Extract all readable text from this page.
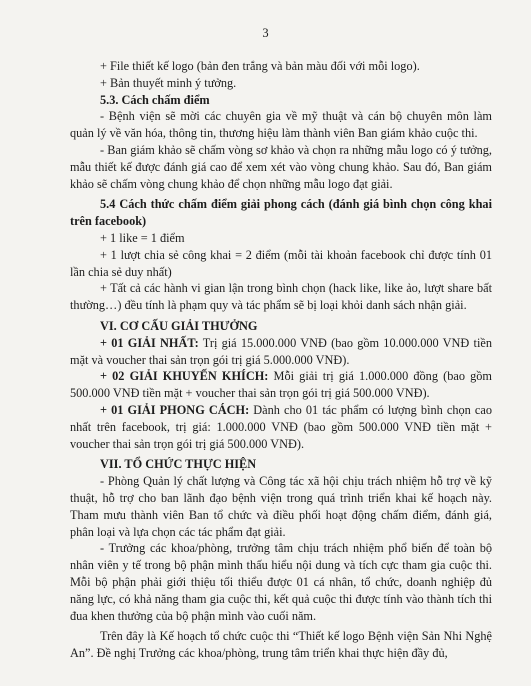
3

+ File thiết kế logo (bản đen trắng và bản màu đối với mỗi logo).

+ Bản thuyết minh ý tưởng.

5.3. Cách chấm điểm

- Bệnh viện sẽ mời các chuyên gia về mỹ thuật và cán bộ chuyên môn làm quản lý về văn hóa, thông tin, thương hiệu làm thành viên Ban giám khảo cuộc thi.

- Ban giám khảo sẽ chấm vòng sơ khảo và chọn ra những mẫu logo có ý tưởng, mẫu thiết kế được đánh giá cao để xem xét vào vòng chung khảo. Sau đó, Ban giám khảo sẽ chấm vòng chung khảo để chọn những mẫu logo đạt giải.

5.4 Cách thức chấm điểm giải phong cách (đánh giá bình chọn công khai trên facebook)

+ 1 like = 1 điểm

+ 1 lượt chia sẻ công khai = 2 điểm (mỗi tài khoản facebook chỉ được tính 01 lần chia sẻ duy nhất)

+ Tất cả các hành vi gian lận trong bình chọn (hack like, like ảo, lượt share bất thường…) đều tính là phạm quy và tác phẩm sẽ bị loại khỏi danh sách nhận giải.

VI. CƠ CẤU GIẢI THƯỞNG

+ 01 GIẢI NHẤT: Trị giá 15.000.000 VNĐ (bao gồm 10.000.000 VNĐ tiền mặt và voucher thai sản trọn gói trị giá 5.000.000 VNĐ).

+ 02 GIẢI KHUYẾN KHÍCH: Mỗi giải trị giá 1.000.000 đồng (bao gồm 500.000 VNĐ tiền mặt + voucher thai sản trọn gói trị giá 500.000 VNĐ).

+ 01 GIẢI PHONG CÁCH: Dành cho 01 tác phẩm có lượng bình chọn cao nhất trên facebook, trị giá: 1.000.000 VNĐ (bao gồm 500.000 VNĐ tiền mặt + voucher thai sản trọn gói trị giá 500.000 VNĐ).

VII. TỔ CHỨC THỰC HIỆN

- Phòng Quản lý chất lượng và Công tác xã hội chịu trách nhiệm hỗ trợ về kỹ thuật, hỗ trợ cho ban lãnh đạo bệnh viện trong quá trình triển khai kế hoạch này. Tham mưu thành viên Ban tổ chức và điều phối hoạt động chấm điểm, đánh giá, phân loại và lựa chọn các tác phẩm đạt giải.

- Trưởng các khoa/phòng, trưởng tâm chịu trách nhiệm phổ biến để toàn bộ nhân viên y tế trong bộ phận mình thấu hiểu nội dung và tích cực tham gia cuộc thi. Mỗi bộ phận phải giới thiệu tối thiểu được 01 cá nhân, tổ chức, doanh nghiệp đủ năng lực, có khả năng tham gia cuộc thi, kết quả cuộc thi được tính vào thành tích thi đua khen thưởng của bộ phận mình vào cuối năm.

Trên đây là Kế hoạch tổ chức cuộc thi “Thiết kế logo Bệnh viện Sản Nhi Nghệ An”. Đề nghị Trưởng các khoa/phòng, trung tâm triển khai thực hiện đầy đủ,
